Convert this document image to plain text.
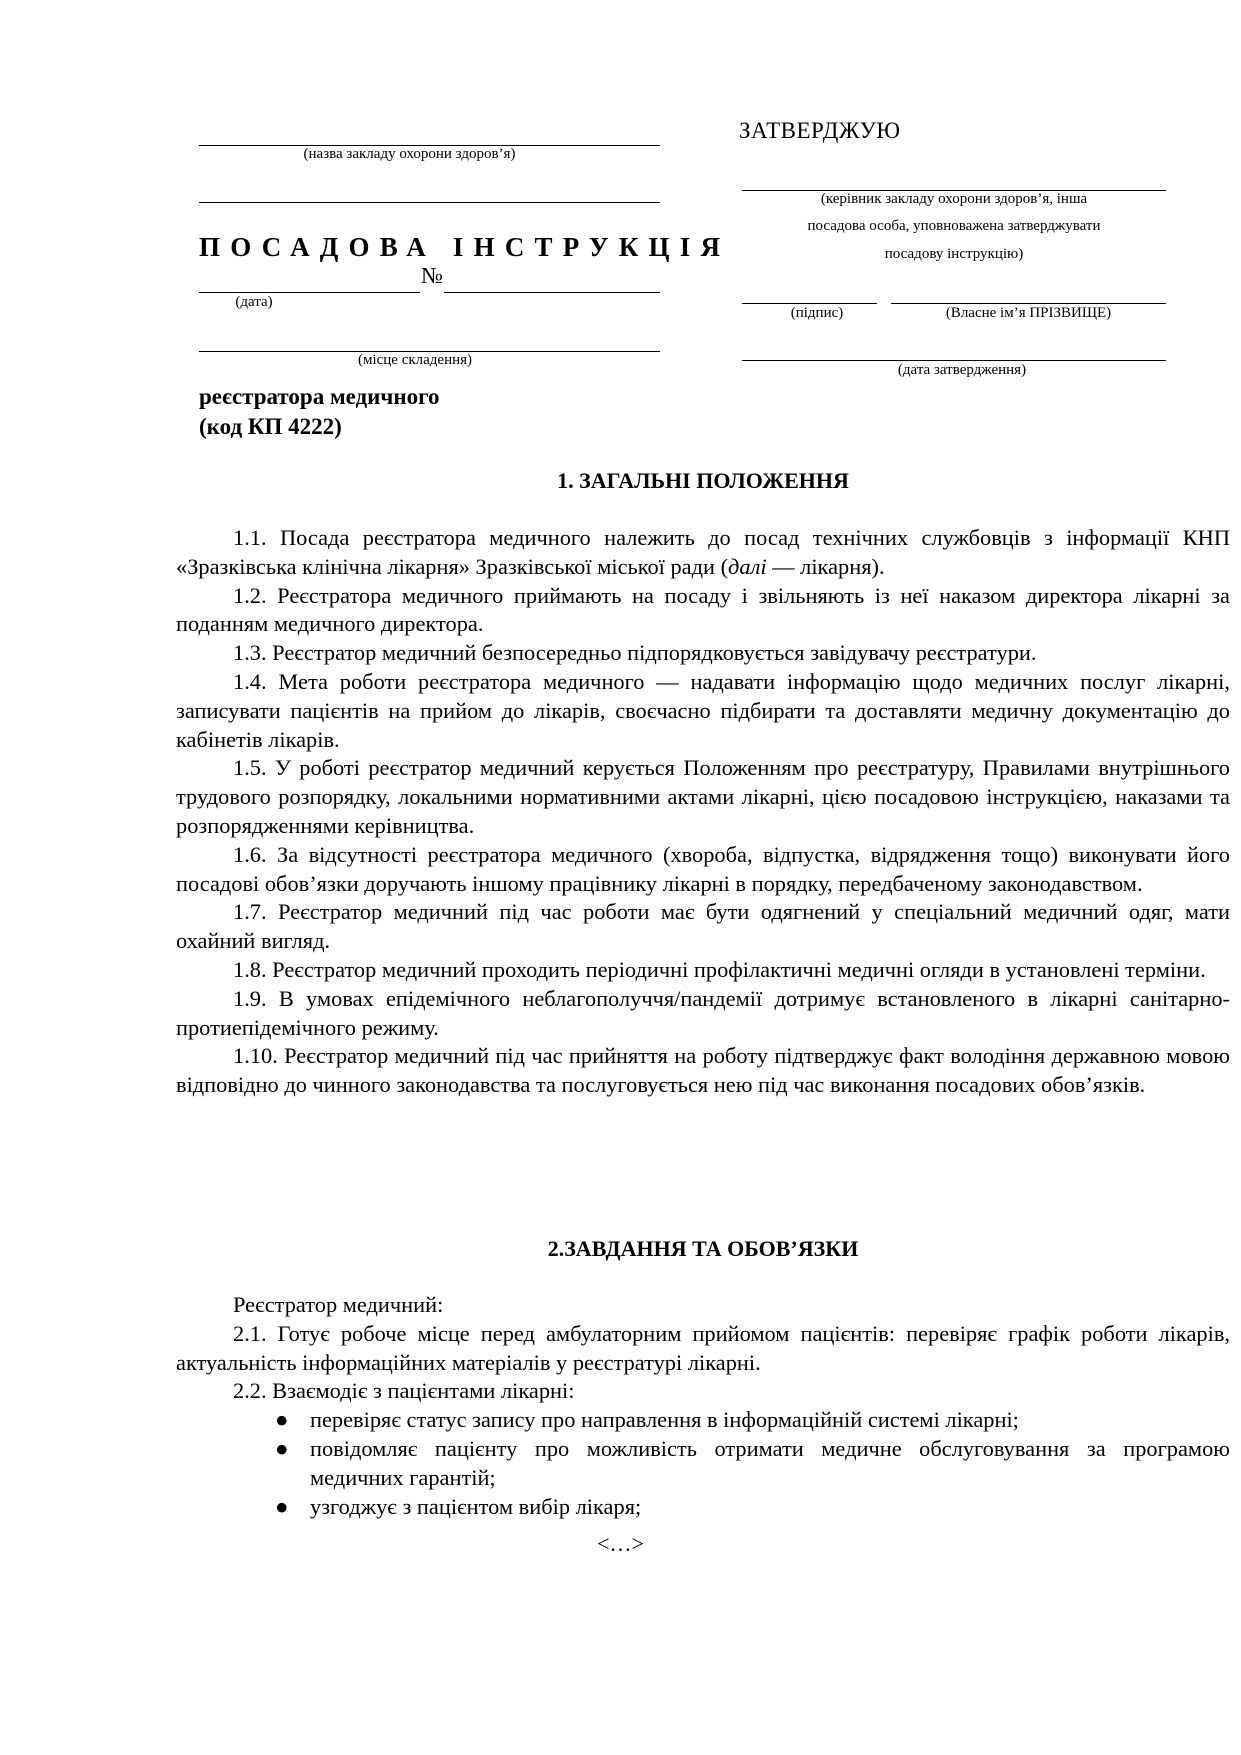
(назва закладу охорони здоров’я)
ПОСАДОВА ІНСТРУКЦІЯ
№
(дата)
(місце складення)
реєстратора медичного
(код КП 4222)
ЗАТВЕРДЖУЮ
(керівник закладу охорони здоров’я, інша
посадова особа, уповноважена затверджувати
посадову інструкцію)
(підпис)	(Власне ім’я ПРІЗВИЩЕ)
(дата затвердження)
1. ЗАГАЛЬНІ ПОЛОЖЕННЯ

1.1. Посада реєстратора медичного належить до посад технічних службовців з інформації КНП «Зразківська клінічна лікарня» Зразківської міської ради (далі — лікарня).

1.2. Реєстратора медичного приймають на посаду і звільняють із неї наказом директора лікарні за поданням медичного директора.

1.3. Реєстратор медичний безпосередньо підпорядковується завідувачу реєстратури.

1.4. Мета роботи реєстратора медичного — надавати інформацію щодо медичних послуг лікарні, записувати пацієнтів на прийом до лікарів, своєчасно підбирати та доставляти медичну документацію до кабінетів лікарів.

1.5. У роботі реєстратор медичний керується Положенням про реєстратуру, Правилами внутрішнього трудового розпорядку, локальними нормативними актами лікарні, цією посадовою інструкцією, наказами та розпорядженнями керівництва.

1.6. За відсутності реєстратора медичного (хвороба, відпустка, відрядження тощо) виконувати його посадові обов’язки доручають іншому працівнику лікарні в порядку, передбаченому законодавством.

1.7. Реєстратор медичний під час роботи має бути одягнений у спеціальний медичний одяг, мати охайний вигляд.

1.8. Реєстратор медичний проходить періодичні профілактичні медичні огляди в установлені терміни.

1.9. В умовах епідемічного неблагополуччя/пандемії дотримує встановленого в лікарні санітарно-протиепідемічного режиму.

1.10. Реєстратор медичний під час прийняття на роботу підтверджує факт володіння державною мовою відповідно до чинного законодавства та послуговується нею під час виконання посадових обов’язків.

2.ЗАВДАННЯ ТА ОБОВ’ЯЗКИ

Реєстратор медичний:

2.1. Готує робоче місце перед амбулаторним прийомом пацієнтів: перевіряє графік роботи лікарів, актуальність інформаційних матеріалів у реєстратурі лікарні.

2.2. Взаємодіє з пацієнтами лікарні:

● перевіряє статус запису про направлення в інформаційній системі лікарні;
● повідомляє пацієнту про можливість отримати медичне обслуговування за програмою медичних гарантій;
● узгоджує з пацієнтом вибір лікаря;
<…>
